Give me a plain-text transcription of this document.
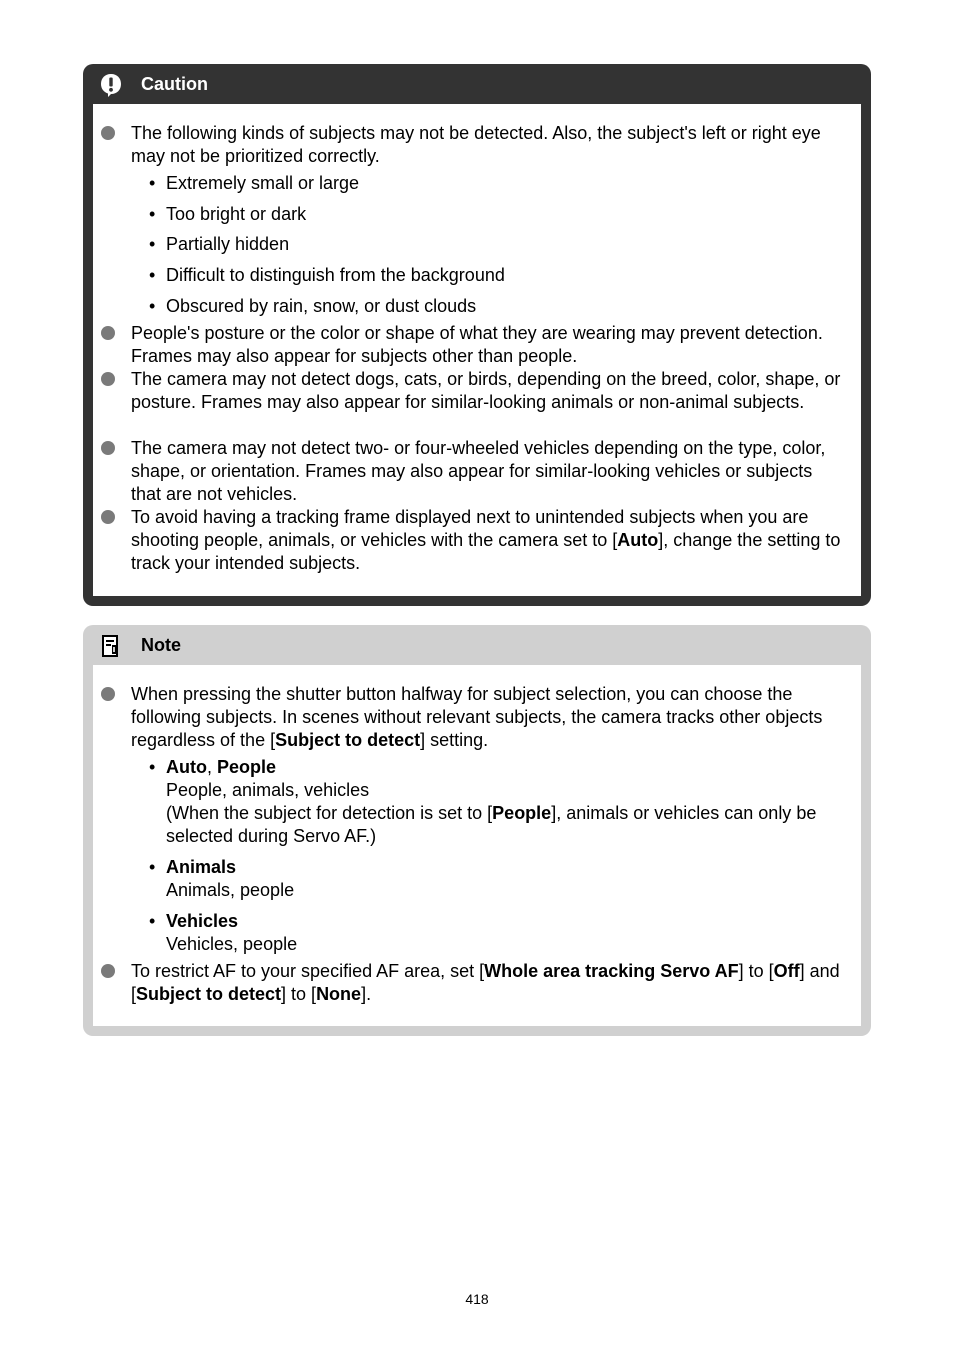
Caution
The following kinds of subjects may not be detected. Also, the subject's left or right eye may not be prioritized correctly.
• Extremely small or large
• Too bright or dark
• Partially hidden
• Difficult to distinguish from the background
• Obscured by rain, snow, or dust clouds
People's posture or the color or shape of what they are wearing may prevent detection. Frames may also appear for subjects other than people.
The camera may not detect dogs, cats, or birds, depending on the breed, color, shape, or posture. Frames may also appear for similar-looking animals or non-animal subjects.
The camera may not detect two- or four-wheeled vehicles depending on the type, color, shape, or orientation. Frames may also appear for similar-looking vehicles or subjects that are not vehicles.
To avoid having a tracking frame displayed next to unintended subjects when you are shooting people, animals, or vehicles with the camera set to [Auto], change the setting to track your intended subjects.
Note
When pressing the shutter button halfway for subject selection, you can choose the following subjects. In scenes without relevant subjects, the camera tracks other objects regardless of the [Subject to detect] setting.
• Auto, People
People, animals, vehicles
(When the subject for detection is set to [People], animals or vehicles can only be selected during Servo AF.)
• Animals
Animals, people
• Vehicles
Vehicles, people
To restrict AF to your specified AF area, set [Whole area tracking Servo AF] to [Off] and [Subject to detect] to [None].
418
